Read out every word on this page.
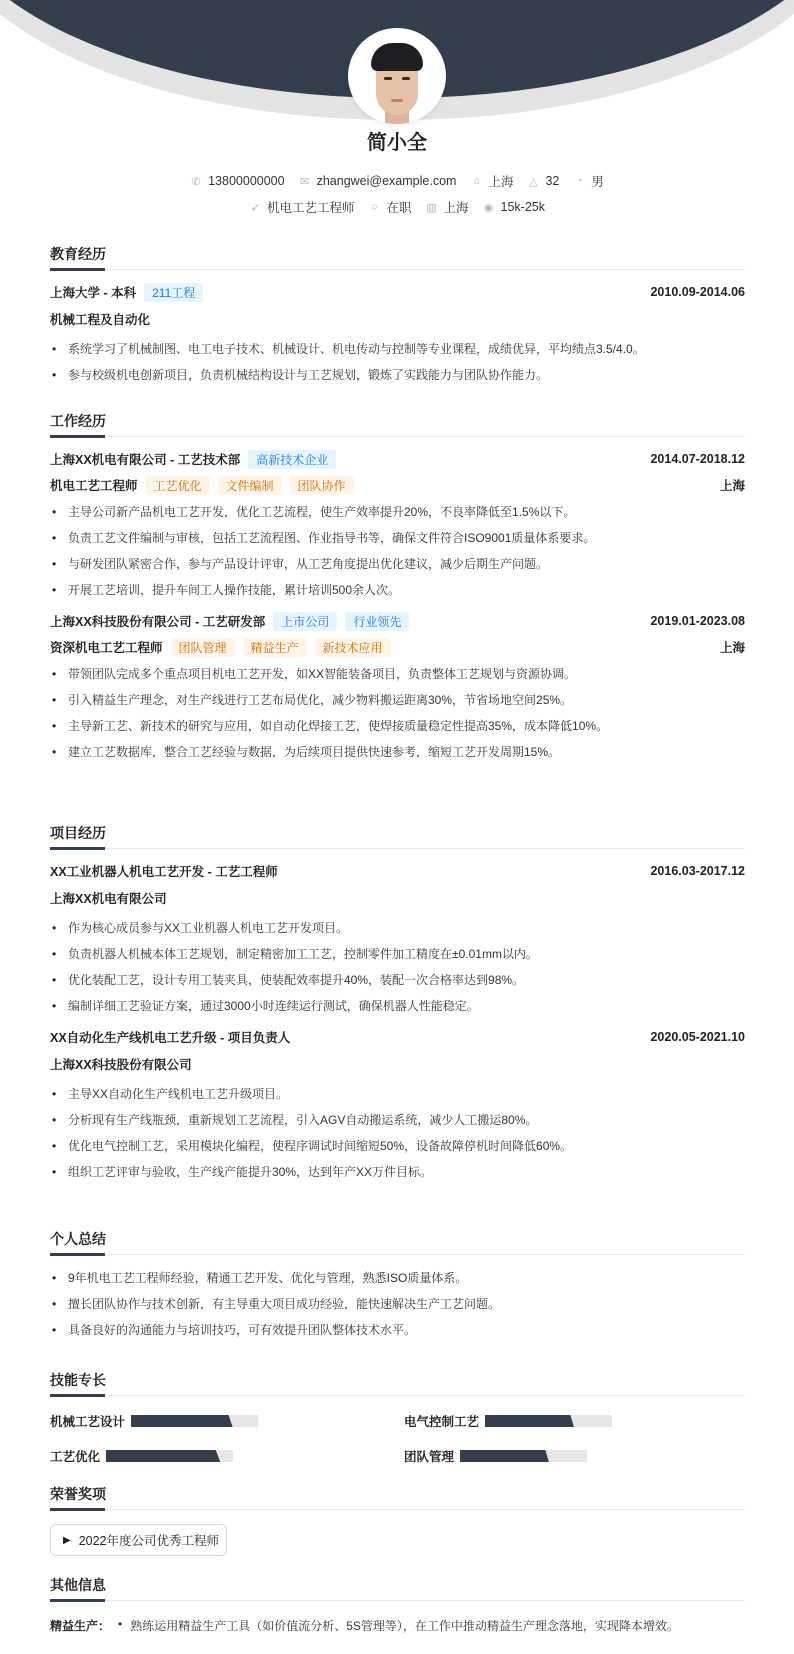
简小全
✆ 13800000000 ✉ zhangwei@example.com ⌂ 上海 △ 32 ◔ 男
➶ 机电工艺工程师 ○ 在职 ▥ 上海 ◉ 15k-25k
教育经历
上海大学 - 本科	211工程	2010.09-2014.06
机械工程及自动化
• 系统学习了机械制图、电工电子技术、机械设计、机电传动与控制等专业课程，成绩优异，平均绩点3.5/4.0。
• 参与校级机电创新项目，负责机械结构设计与工艺规划，锻炼了实践能力与团队协作能力。
工作经历
上海XX机电有限公司 - 工艺技术部	高新技术企业	2014.07-2018.12
机电工艺工程师	工艺优化	文件编制	团队协作	上海
• 主导公司新产品机电工艺开发，优化工艺流程，使生产效率提升20%，不良率降低至1.5%以下。
• 负责工艺文件编制与审核，包括工艺流程图、作业指导书等，确保文件符合ISO9001质量体系要求。
• 与研发团队紧密合作，参与产品设计评审，从工艺角度提出优化建议，减少后期生产问题。
• 开展工艺培训，提升车间工人操作技能，累计培训500余人次。
上海XX科技股份有限公司 - 工艺研发部	上市公司	行业领先	2019.01-2023.08
资深机电工艺工程师	团队管理	精益生产	新技术应用	上海
• 带领团队完成多个重点项目机电工艺开发，如XX智能装备项目，负责整体工艺规划与资源协调。
• 引入精益生产理念，对生产线进行工艺布局优化，减少物料搬运距离30%，节省场地空间25%。
• 主导新工艺、新技术的研究与应用，如自动化焊接工艺，使焊接质量稳定性提高35%，成本降低10%。
• 建立工艺数据库，整合工艺经验与数据，为后续项目提供快速参考，缩短工艺开发周期15%。
项目经历
XX工业机器人机电工艺开发 - 工艺工程师	2016.03-2017.12
上海XX机电有限公司
• 作为核心成员参与XX工业机器人机电工艺开发项目。
• 负责机器人机械本体工艺规划，制定精密加工工艺，控制零件加工精度在±0.01mm以内。
• 优化装配工艺，设计专用工装夹具，使装配效率提升40%，装配一次合格率达到98%。
• 编制详细工艺验证方案，通过3000小时连续运行测试，确保机器人性能稳定。
XX自动化生产线机电工艺升级 - 项目负责人	2020.05-2021.10
上海XX科技股份有限公司
• 主导XX自动化生产线机电工艺升级项目。
• 分析现有生产线瓶颈，重新规划工艺流程，引入AGV自动搬运系统，减少人工搬运80%。
• 优化电气控制工艺，采用模块化编程，使程序调试时间缩短50%，设备故障停机时间降低60%。
• 组织工艺评审与验收，生产线产能提升30%，达到年产XX万件目标。
个人总结
• 9年机电工艺工程师经验，精通工艺开发、优化与管理，熟悉ISO质量体系。
• 擅长团队协作与技术创新，有主导重大项目成功经验，能快速解决生产工艺问题。
• 具备良好的沟通能力与培训技巧，可有效提升团队整体技术水平。
技能专长
机械工艺设计	电气控制工艺
工艺优化	团队管理
荣誉奖项
▶ 2022年度公司优秀工程师
其他信息
精益生产： • 熟练运用精益生产工具（如价值流分析、5S管理等），在工作中推动精益生产理念落地，实现降本增效。
